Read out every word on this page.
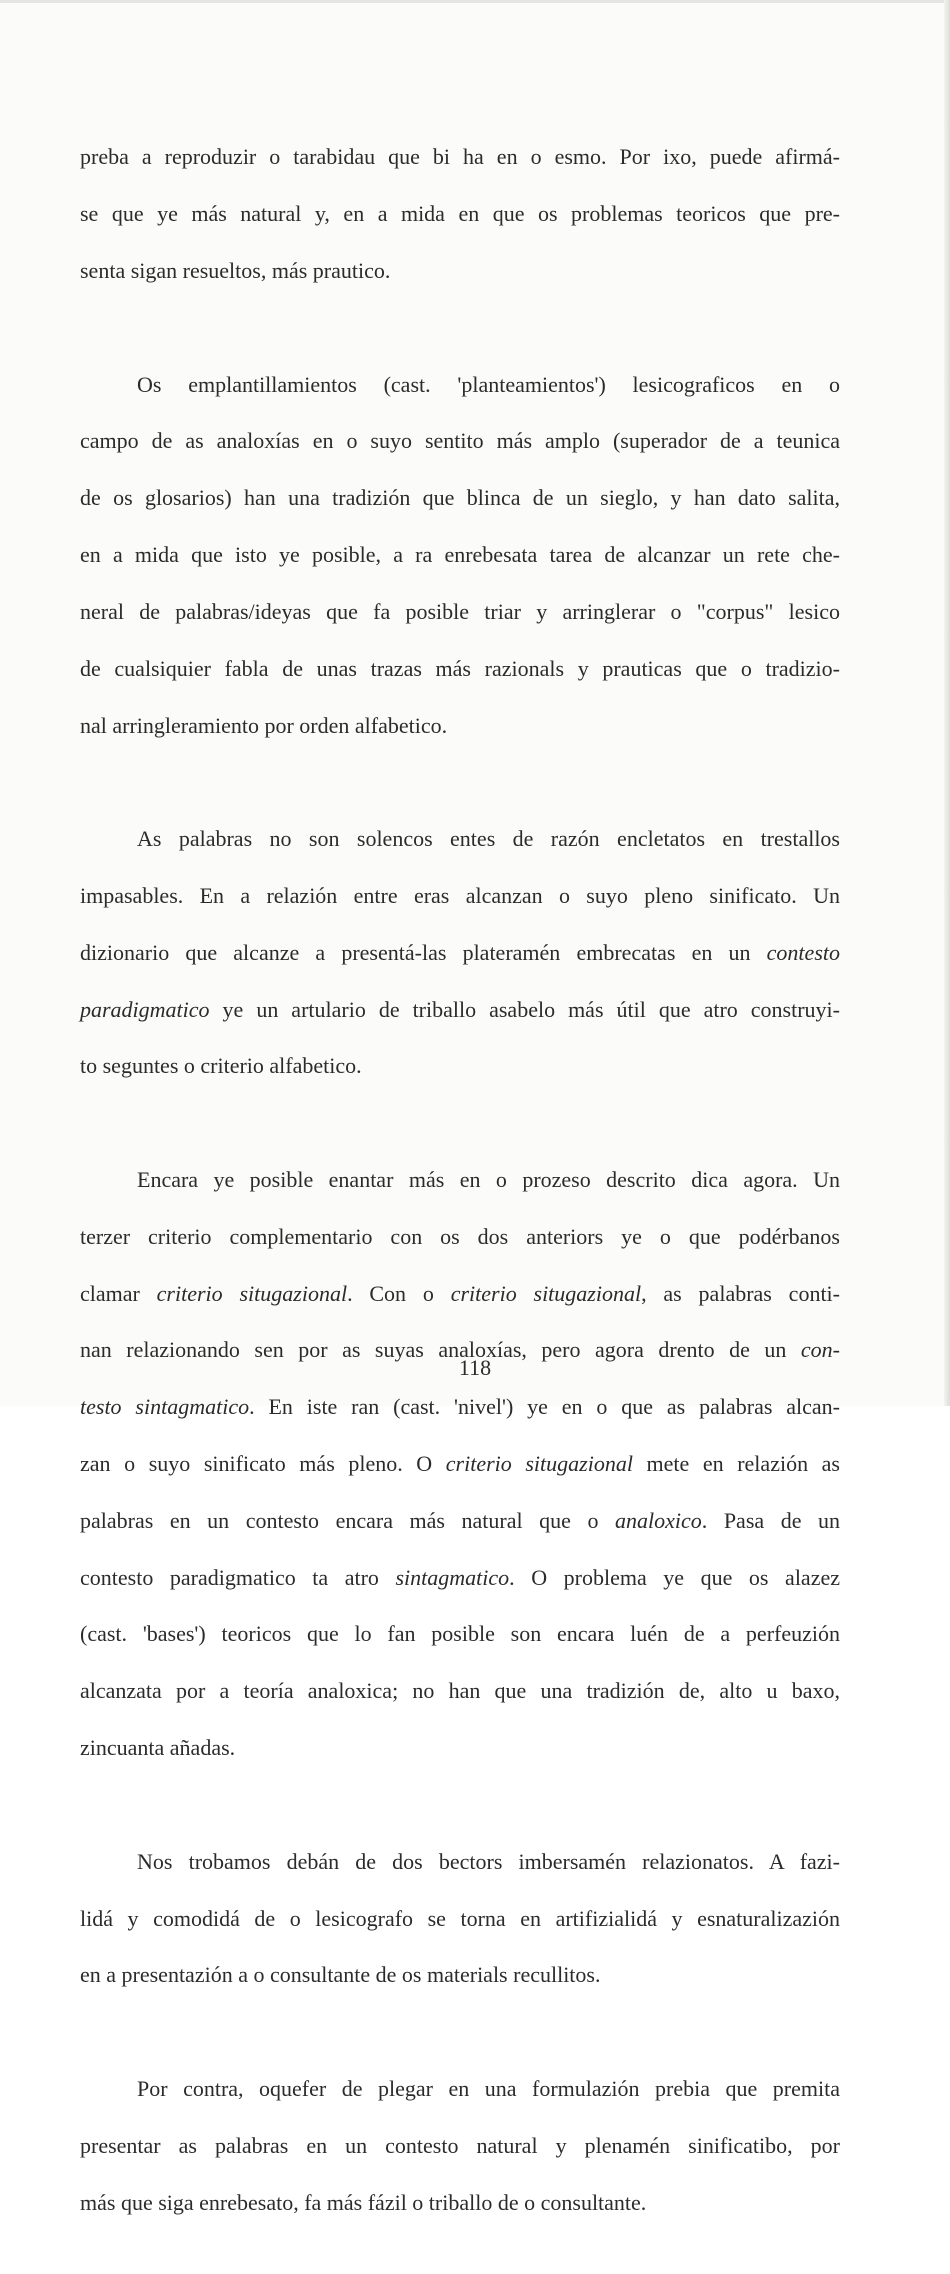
preba a reproduzir o tarabidau que bi ha en o esmo. Por ixo, puede afirmá-

se que ye más natural y, en a mida en que os problemas teoricos que pre-

senta sigan resueltos, más prautico.

Os emplantillamientos (cast. 'planteamientos') lesicograficos en o

campo de as analoxías en o suyo sentito más amplo (superador de a teunica

de os glosarios) han una tradizión que blinca de un sieglo, y han dato salita,

en a mida que isto ye posible, a ra enrebesata tarea de alcanzar un rete che-

neral de palabras/ideyas que fa posible triar y arringlerar o "corpus" lesico

de cualsiquier fabla de unas trazas más razionals y prauticas que o tradizio-

nal arringleramiento por orden alfabetico.

As palabras no son solencos entes de razón encletatos en trestallos

impasables. En a relazión entre eras alcanzan o suyo pleno sinificato. Un

dizionario que alcanze a presentá-las plateramén embrecatas en un contesto

paradigmatico ye un artulario de triballo asabelo más útil que atro construyi-

to seguntes o criterio alfabetico.

Encara ye posible enantar más en o prozeso descrito dica agora. Un

terzer criterio complementario con os dos anteriors ye o que podérbanos

clamar criterio situgazional. Con o criterio situgazional, as palabras conti-

nan relazionando sen por as suyas analoxías, pero agora drento de un con-

testo sintagmatico. En iste ran (cast. 'nivel') ye en o que as palabras alcan-

zan o suyo sinificato más pleno. O criterio situgazional mete en relazión as

palabras en un contesto encara más natural que o analoxico. Pasa de un

contesto paradigmatico ta atro sintagmatico. O problema ye que os alazez

(cast. 'bases') teoricos que lo fan posible son encara luén de a perfeuzión

alcanzata por a teoría analoxica; no han que una tradizión de, alto u baxo,

zincuanta añadas.

Nos trobamos debán de dos bectors imbersamén relazionatos. A fazi-

lidá y comodidá de o lesicografo se torna en artifizialidá y esnaturalizazión

en a presentazión a o consultante de os materials recullitos.

Por contra, oquefer de plegar en una formulazión prebia que premita

presentar as palabras en un contesto natural y plenamén sinificatibo, por

más que siga enrebesato, fa más fázil o triballo de o consultante.

118
